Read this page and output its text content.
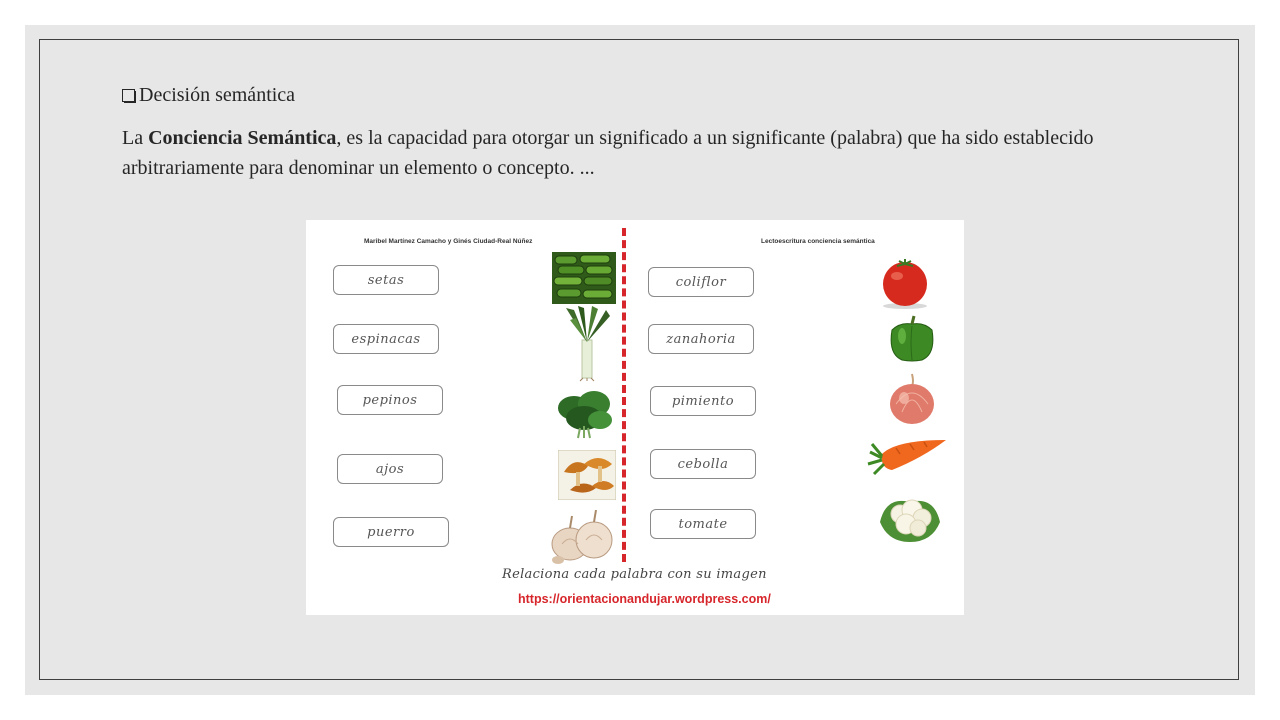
Decisión semántica

La Conciencia Semántica, es la capacidad para otorgar un significado a un significante (palabra) que ha sido establecido arbitrariamente para denominar un elemento o concepto. ...

Maribel Martínez Camacho y Ginés Ciudad-Real Núñez	Lectoescritura conciencia semántica
setas
espinacas
pepinos
ajos
puerro
coliflor
zanahoria
pimiento
cebolla
tomate
Relaciona cada palabra con su imagen
https://orientacionandujar.wordpress.com/
